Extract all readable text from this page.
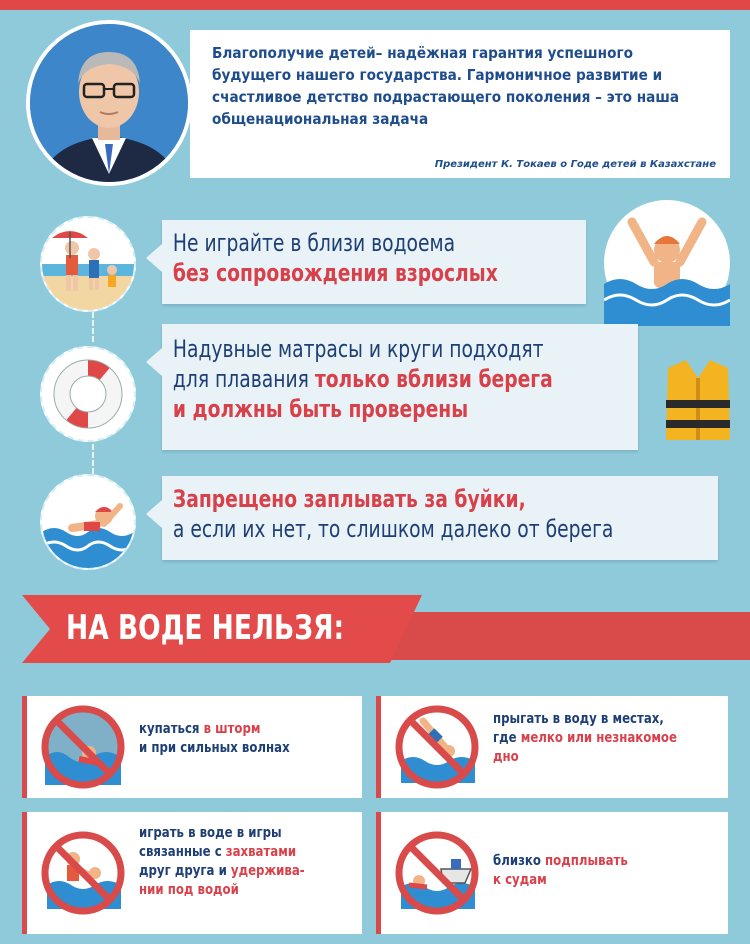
Благополучие детей– надёжная гарантия успешного
будущего нашего государства. Гармоничное развитие и
счастливое детство подрастающего поколения – это наша
общенациональная задача
Президент К. Токаев о Годе детей в Казахстане
Не играйте в близи водоема
без сопровождения взрослых
Надувные матрасы и круги подходят
для плавания только вблизи берега
и должны быть проверены
Запрещено заплывать за буйки,
а если их нет, то слишком далеко от берега
НА ВОДЕ НЕЛЬЗЯ:
купаться в шторм
и при сильных волнах
прыгать в воду в местах,
где мелко или незнакомое
дно
играть в воде в игры
связанные с захватами
друг друга и удержива-
нии под водой
близко подплывать
к судам
